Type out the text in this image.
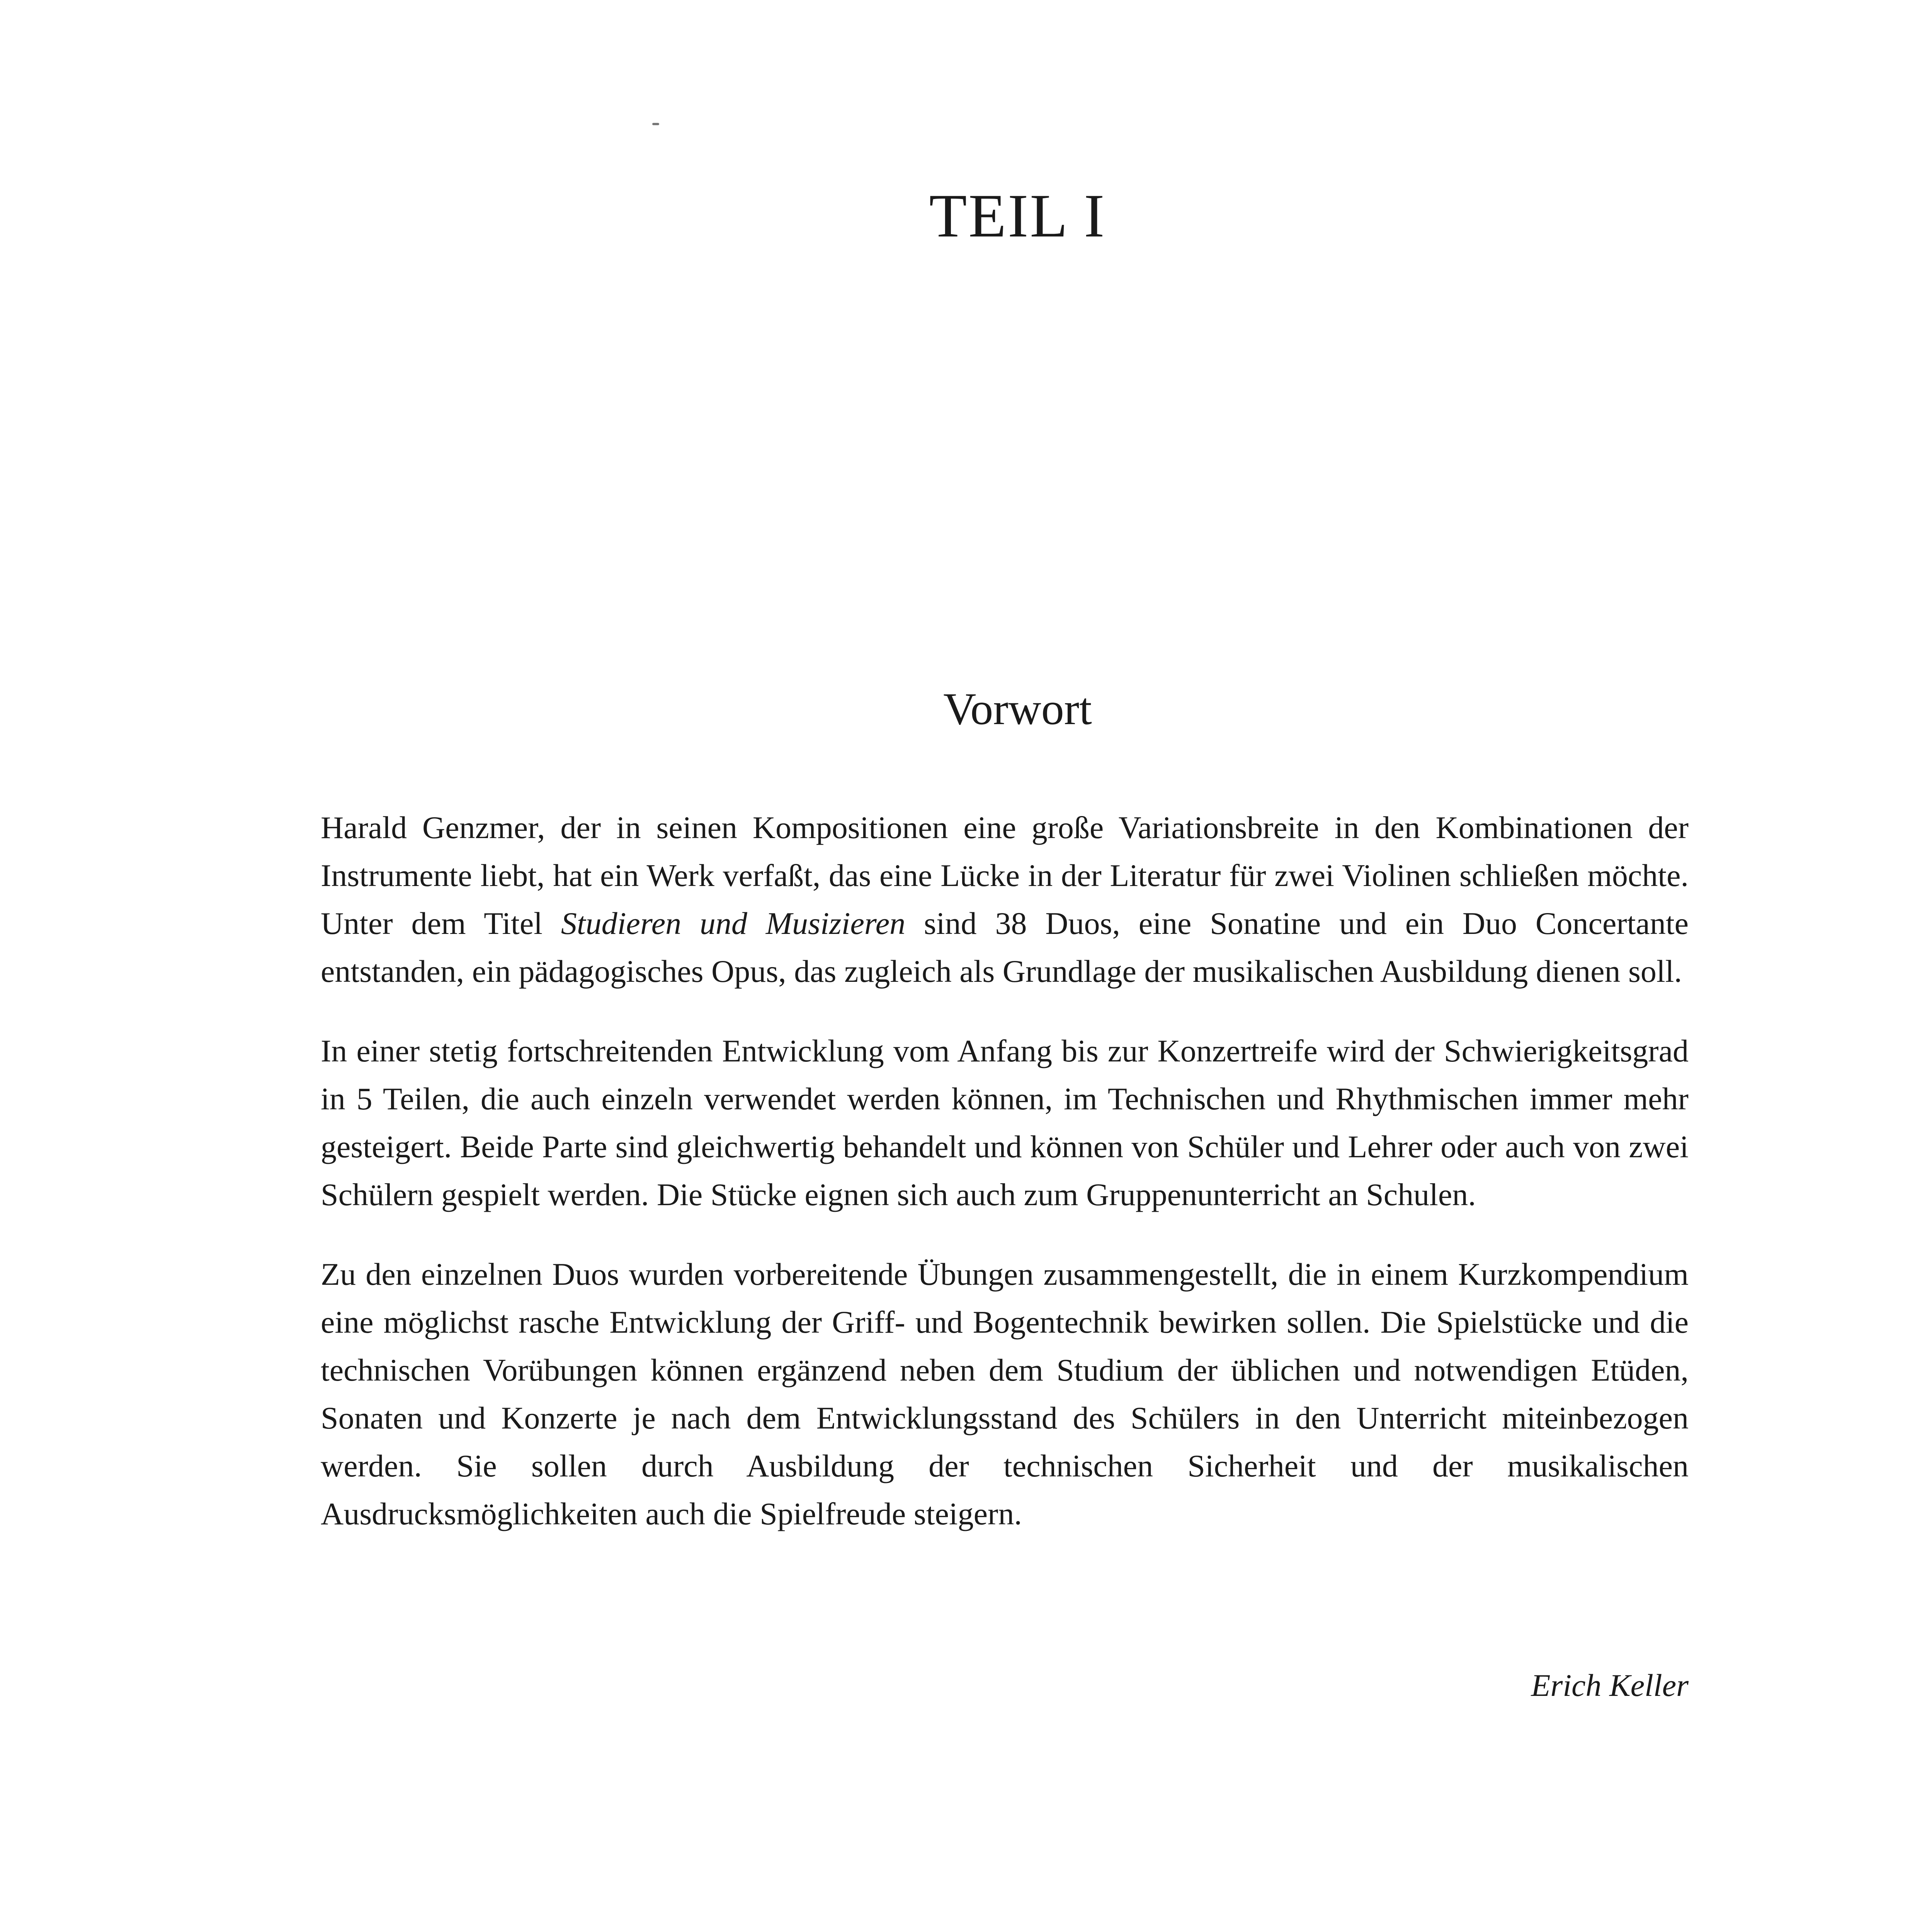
TEIL I
Vorwort

Harald Genzmer, der in seinen Kompositionen eine große Variationsbreite in den Kombinationen der Instrumente liebt, hat ein Werk verfaßt, das eine Lücke in der Literatur für zwei Violinen schließen möchte. Unter dem Titel Studieren und Musizieren sind 38 Duos, eine Sonatine und ein Duo Concertante entstanden, ein pädagogisches Opus, das zugleich als Grundlage der musikalischen Ausbildung dienen soll.

In einer stetig fortschreitenden Entwicklung vom Anfang bis zur Konzertreife wird der Schwierigkeitsgrad in 5 Teilen, die auch einzeln verwendet werden können, im Technischen und Rhythmischen immer mehr gesteigert. Beide Parte sind gleichwertig behandelt und können von Schüler und Lehrer oder auch von zwei Schülern gespielt werden. Die Stücke eignen sich auch zum Gruppenunterricht an Schulen.

Zu den einzelnen Duos wurden vorbereitende Übungen zusammengestellt, die in einem Kurzkompendium eine möglichst rasche Entwicklung der Griff- und Bogentechnik bewirken sollen. Die Spielstücke und die technischen Vorübungen können ergänzend neben dem Studium der üblichen und notwendigen Etüden, Sonaten und Konzerte je nach dem Entwicklungsstand des Schülers in den Unterricht miteinbezogen werden. Sie sollen durch Ausbildung der technischen Sicherheit und der musikalischen Ausdrucksmöglichkeiten auch die Spielfreude steigern.

Erich Keller
